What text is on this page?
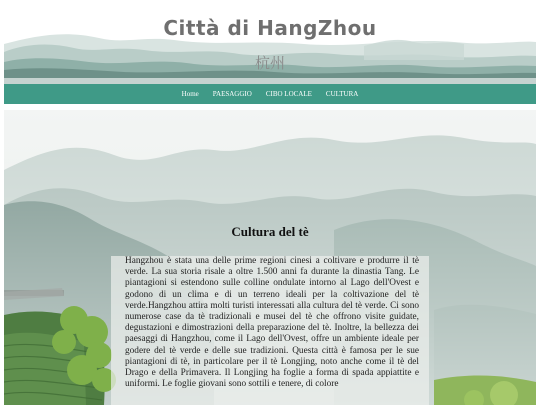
Città di HangZhou
杭州
Home PAESAGGIO CIBO LOCALE CULTURA
Cultura del tè

Hangzhou è stata una delle prime regioni cinesi a coltivare e produrre il tè verde. La sua storia risale a oltre 1.500 anni fa durante la dinastia Tang. Le piantagioni si estendono sulle colline ondulate intorno al Lago dell'Ovest e godono di un clima e di un terreno ideali per la coltivazione del tè verde.Hangzhou attira molti turisti interessati alla cultura del tè verde. Ci sono numerose case da tè tradizionali e musei del tè che offrono visite guidate, degustazioni e dimostrazioni della preparazione del tè. Inoltre, la bellezza dei paesaggi di Hangzhou, come il Lago dell'Ovest, offre un ambiente ideale per godere del tè verde e delle sue tradizioni. Questa città è famosa per le sue piantagioni di tè, in particolare per il tè Longjing, noto anche come il tè del Drago e della Primavera. Il Longjing ha foglie a forma di spada appiattite e uniformi. Le foglie giovani sono sottili e tenere, di colore
